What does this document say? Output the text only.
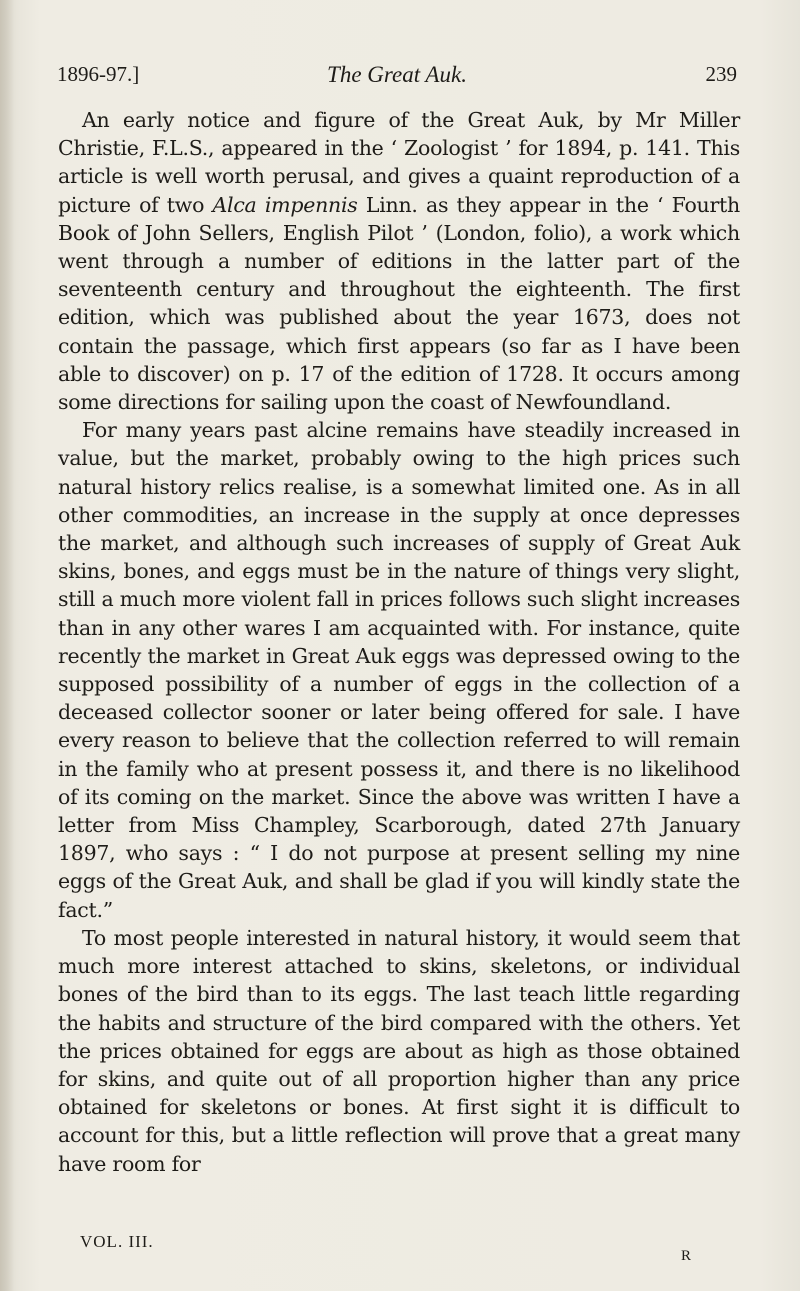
1896-97.]	The Great Auk.	239

An early notice and figure of the Great Auk, by Mr Miller Christie, F.L.S., appeared in the ‘ Zoologist ’ for 1894, p. 141. This article is well worth perusal, and gives a quaint reproduction of a picture of two Alca impennis Linn. as they appear in the ‘ Fourth Book of John Sellers, English Pilot ’ (London, folio), a work which went through a number of editions in the latter part of the seventeenth century and throughout the eighteenth. The first edition, which was published about the year 1673, does not contain the passage, which first appears (so far as I have been able to discover) on p. 17 of the edition of 1728. It occurs among some directions for sailing upon the coast of Newfoundland.

For many years past alcine remains have steadily increased in value, but the market, probably owing to the high prices such natural history relics realise, is a somewhat limited one. As in all other commodities, an increase in the supply at once depresses the market, and although such increases of supply of Great Auk skins, bones, and eggs must be in the nature of things very slight, still a much more violent fall in prices follows such slight increases than in any other wares I am acquainted with. For instance, quite recently the market in Great Auk eggs was depressed owing to the supposed possibility of a number of eggs in the collection of a deceased collector sooner or later being offered for sale. I have every reason to believe that the collection referred to will remain in the family who at present possess it, and there is no likelihood of its coming on the market. Since the above was written I have a letter from Miss Champley, Scarborough, dated 27th January 1897, who says : “ I do not purpose at present selling my nine eggs of the Great Auk, and shall be glad if you will kindly state the fact.”

To most people interested in natural history, it would seem that much more interest attached to skins, skeletons, or individual bones of the bird than to its eggs. The last teach little regarding the habits and structure of the bird compared with the others. Yet the prices obtained for eggs are about as high as those obtained for skins, and quite out of all proportion higher than any price obtained for skeletons or bones. At first sight it is difficult to account for this, but a little reflection will prove that a great many have room for

VOL. III.
R
